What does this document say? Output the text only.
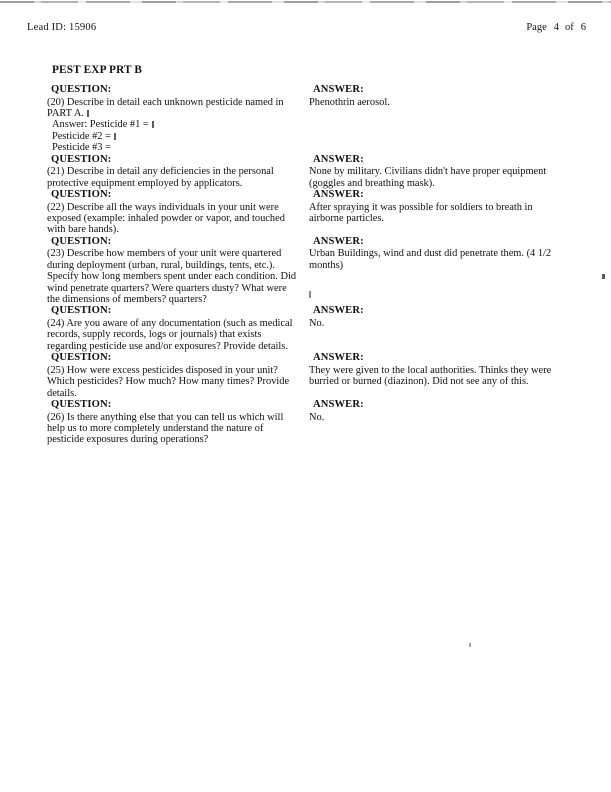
Lead ID: 15906	Page 4 of 6
PEST EXP PRT B
QUESTION:
(20) Describe in detail each unknown pesticide named in
PART A.
Answer: Pesticide #1 =
Pesticide #2 =
Pesticide #3 =
ANSWER:
Phenothrin aerosol.
QUESTION:
(21) Describe in detail any deficiencies in the personal
protective equipment employed by applicators.
ANSWER:
None by military. Civilians didn't have proper equipment
(goggles and breathing mask).
QUESTION:
(22) Describe all the ways individuals in your unit were
exposed (example: inhaled powder or vapor, and touched
with bare hands).
ANSWER:
After spraying it was possible for soldiers to breath in
airborne particles.
QUESTION:
(23) Describe how members of your unit were quartered
during deployment (urban, rural, buildings, tents, etc.).
Specify how long members spent under each condition. Did
wind penetrate quarters? Were quarters dusty? What were
the dimensions of members? quarters?
ANSWER:
Urban Buildings, wind and dust did penetrate them. (4 1/2
months)
QUESTION:
(24) Are you aware of any documentation (such as medical
records, supply records, logs or journals) that exists
regarding pesticide use and/or exposures? Provide details.
ANSWER:
No.
QUESTION:
(25) How were excess pesticides disposed in your unit?
Which pesticides? How much? How many times? Provide
details.
ANSWER:
They were given to the local authorities. Thinks they were
burried or burned (diazinon). Did not see any of this.
QUESTION:
(26) Is there anything else that you can tell us which will
help us to more completely understand the nature of
pesticide exposures during operations?
ANSWER:
No.
